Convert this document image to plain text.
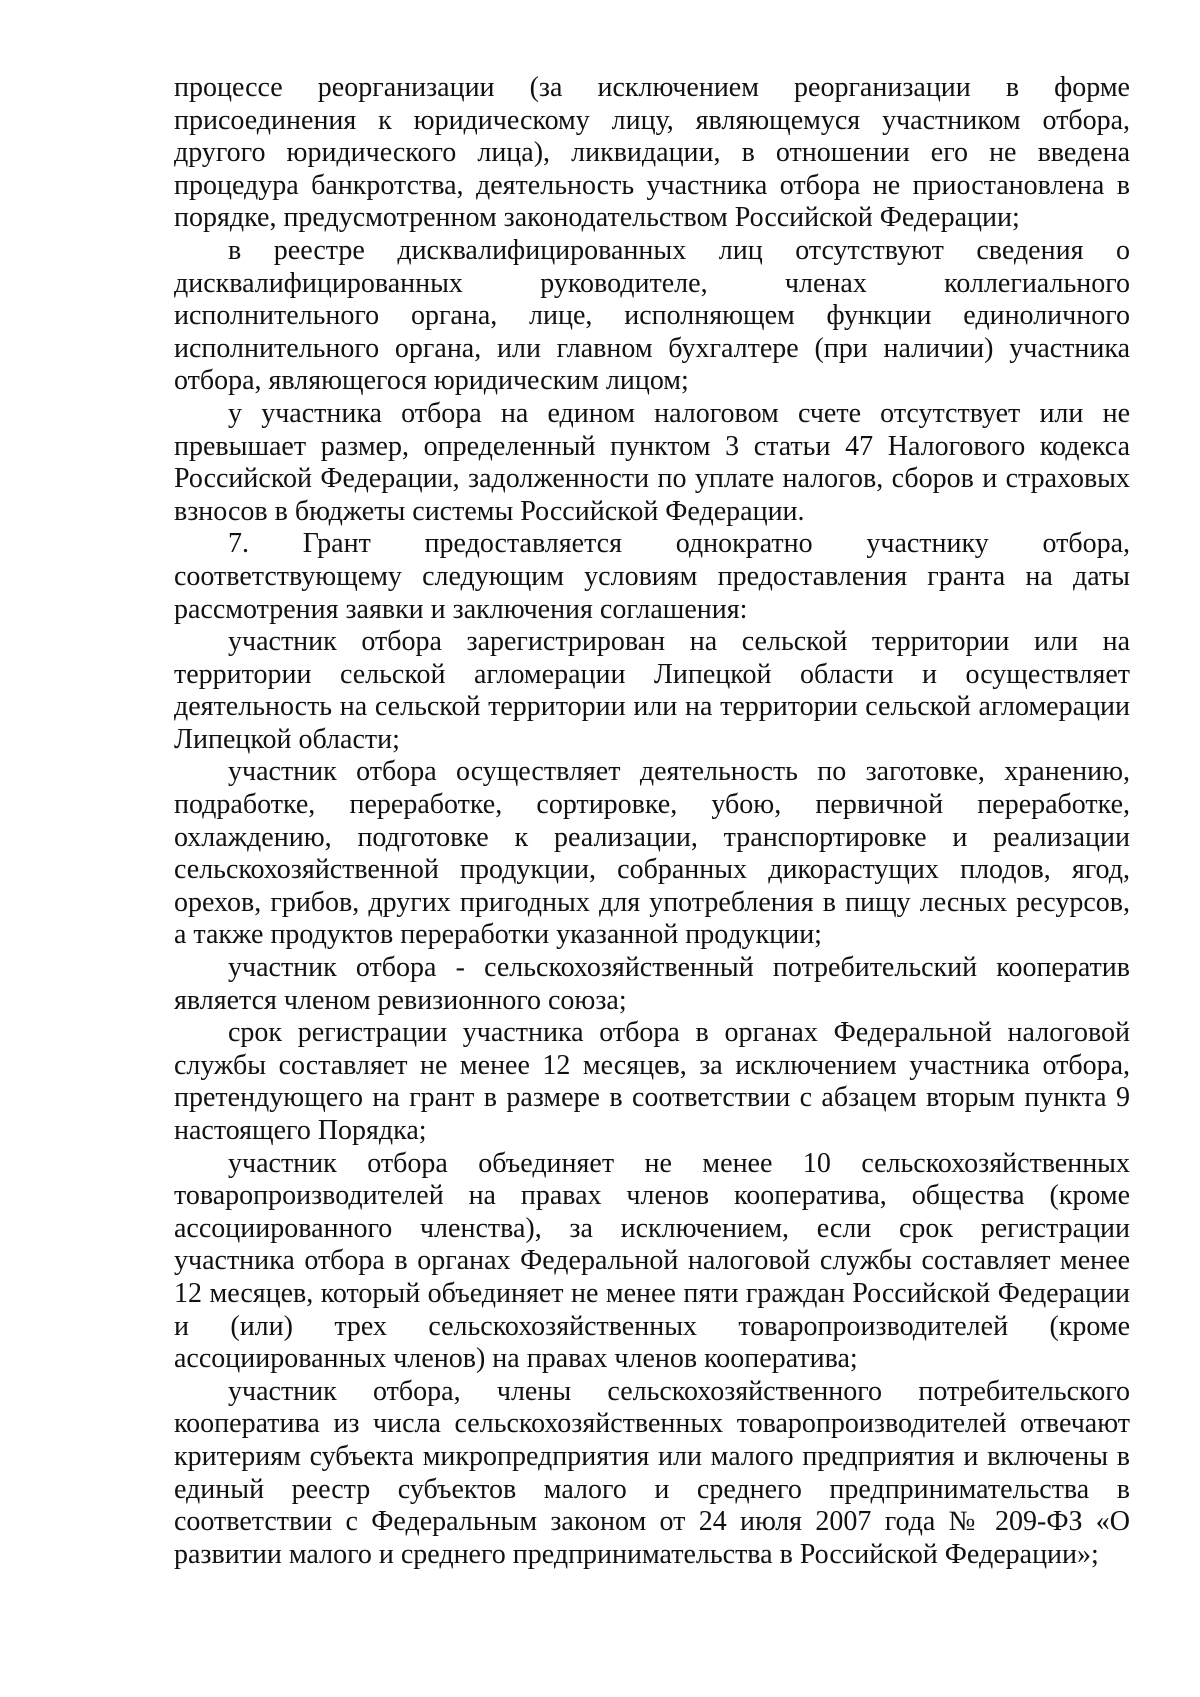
процессе реорганизации (за исключением реорганизации в форме присоединения к юридическому лицу, являющемуся участником отбора, другого юридического лица), ликвидации, в отношении его не введена процедура банкротства, деятельность участника отбора не приостановлена в порядке, предусмотренном законодательством Российской Федерации;

в реестре дисквалифицированных лиц отсутствуют сведения о дисквалифицированных руководителе, членах коллегиального исполнительного органа, лице, исполняющем функции единоличного исполнительного органа, или главном бухгалтере (при наличии) участника отбора, являющегося юридическим лицом;

у участника отбора на едином налоговом счете отсутствует или не превышает размер, определенный пунктом 3 статьи 47 Налогового кодекса Российской Федерации, задолженности по уплате налогов, сборов и страховых взносов в бюджеты системы Российской Федерации.

7. Грант предоставляется однократно участнику отбора, соответствующему следующим условиям предоставления гранта на даты рассмотрения заявки и заключения соглашения:

участник отбора зарегистрирован на сельской территории или на территории сельской агломерации Липецкой области и осуществляет деятельность на сельской территории или на территории сельской агломерации Липецкой области;

участник отбора осуществляет деятельность по заготовке, хранению, подработке, переработке, сортировке, убою, первичной переработке, охлаждению, подготовке к реализации, транспортировке и реализации сельскохозяйственной продукции, собранных дикорастущих плодов, ягод, орехов, грибов, других пригодных для употребления в пищу лесных ресурсов, а также продуктов переработки указанной продукции;

участник отбора - сельскохозяйственный потребительский кооператив является членом ревизионного союза;

срок регистрации участника отбора в органах Федеральной налоговой службы составляет не менее 12 месяцев, за исключением участника отбора, претендующего на грант в размере в соответствии с абзацем вторым пункта 9 настоящего Порядка;

участник отбора объединяет не менее 10 сельскохозяйственных товаропроизводителей на правах членов кооператива, общества (кроме ассоциированного членства), за исключением, если срок регистрации участника отбора в органах Федеральной налоговой службы составляет менее 12 месяцев, который объединяет не менее пяти граждан Российской Федерации и (или) трех сельскохозяйственных товаропроизводителей (кроме ассоциированных членов) на правах членов кооператива;

участник отбора, члены сельскохозяйственного потребительского кооператива из числа сельскохозяйственных товаропроизводителей отвечают критериям субъекта микропредприятия или малого предприятия и включены в единый реестр субъектов малого и среднего предпринимательства в соответствии с Федеральным законом от 24 июля 2007 года № 209-ФЗ «О развитии малого и среднего предпринимательства в Российской Федерации»;
